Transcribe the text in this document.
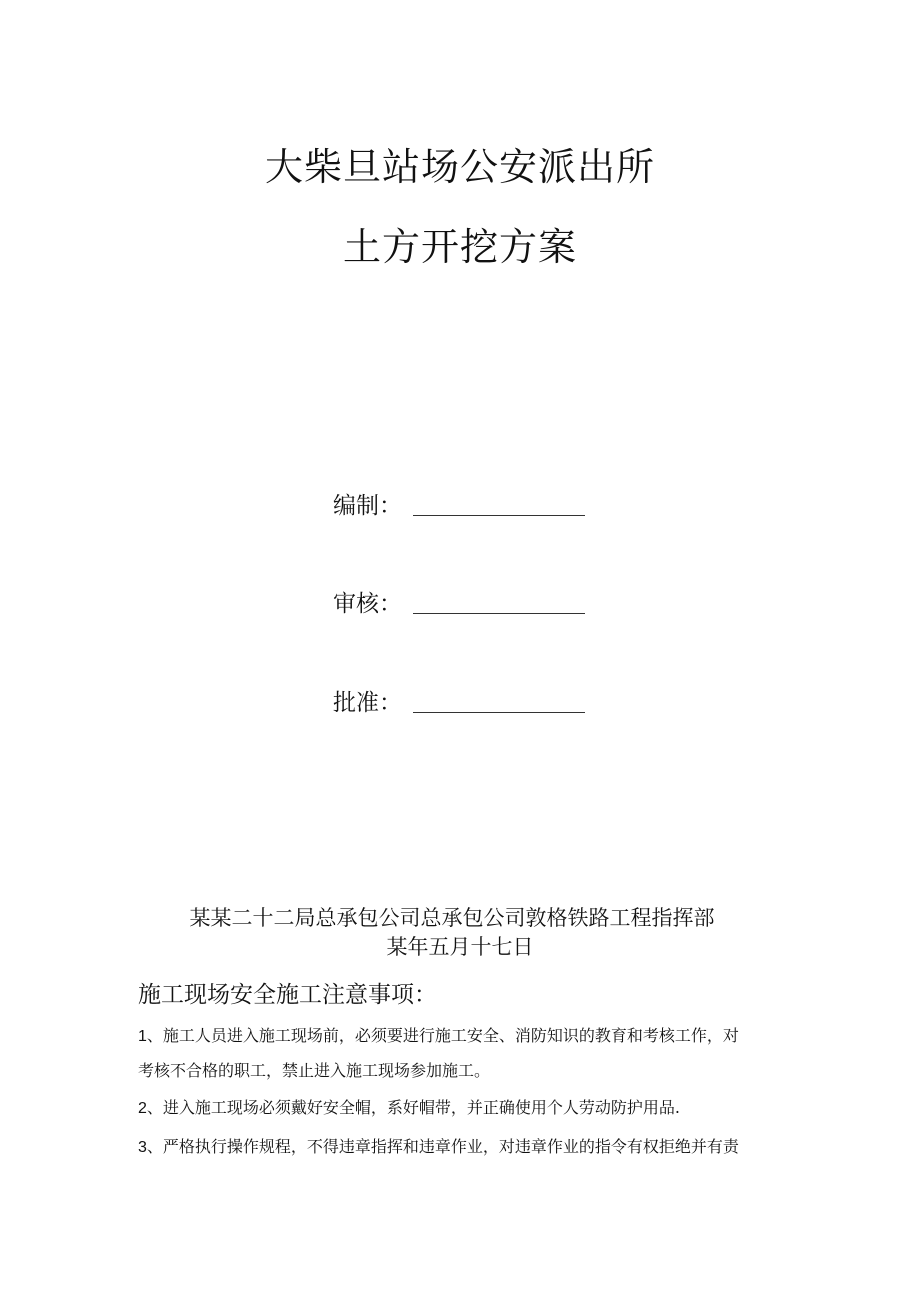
大柴旦站场公安派出所
土方开挖方案
编制：
审核：
批准：
某某二十二局总承包公司总承包公司敦格铁路工程指挥部
某年五月十七日
施工现场安全施工注意事项：
1、施工人员进入施工现场前，必须要进行施工安全、消防知识的教育和考核工作，对
考核不合格的职工，禁止进入施工现场参加施工。
2、进入施工现场必须戴好安全帽，系好帽带，并正确使用个人劳动防护用品.
3、严格执行操作规程，不得违章指挥和违章作业，对违章作业的指令有权拒绝并有责
